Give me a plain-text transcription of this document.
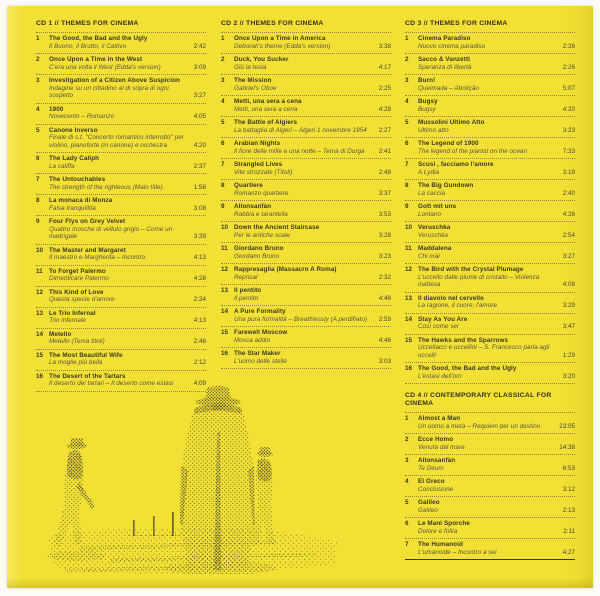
CD 1 // THEMES FOR CINEMA
1	The Good, the Bad and the Ugly
Il Buono, il Brutto, il Cattivo	2:42
2	Once Upon a Time in the West
C'era una volta il West (Edda's version)	3:09
3	Investigation of a Citizen Above Suspicion
Indagine su un cittadino al di sopra di ogni sospetto	3:27
4	1900
Novecento – Romanzo	4:05
5	Canone Inverso
Finale di s.t. "Concerto romantico interrotto" per violino, pianoforte (in canone) e orchestra	4:20
6	The Lady Caliph
La califfa	2:37
7	The Untouchables
The strength of the righteous (Main title)	1:58
8	La monaca di Monza
Falsa tranquillità	3:08
9	Four Flys on Grey Velvet
Quattro mosche di velluto grigio – Come un madrigale	3:39
10 The Master and Margaret
Il maestro e Margherita – Incontro	4:13
11	To Forget Palermo
Dimenticare Palermo	4:28
12 This Kind of Love
Questa specie d'amore	2:34
13 Le Trio Infernal
Trio infernale	4:13
14 Metello
Metello (Tema titoli)	2:46
15 The Most Beautiful Wife
La moglie più bella	2:12
16 The Desert of the Tartars
Il deserto dei tartari – Il deserto come estasi	4:09
CD 2 // THEMES FOR CINEMA
1	Once Upon a Time in America
Deborah's theme (Edda's version)	3:38
2	Duck, You Sucker
Giù la testa	4:17
3	The Mission
Gabriel's Oboe	2:25
4	Metti, una sera a cena
Metti, una sera a cena	4:28
5	The Battle of Algiers
La battaglia di Algeri – Algeri 1 novembre 1954	2:27
6	Arabian Nights
Il fiore delle mille e una notte – Tema di Durga	2:41
7	Strangled Lives
Vite strozzate (Titoli)	2:48
8	Quartiere
Romanzo quartiere	3:37
9	Allonsanfàn
Rabbia e tarantella	3:53
10 Down the Ancient Staircase
Per le antiche scale	3:28
11	Giordano Bruno
Giordano Bruno	3:23
12 Rappresaglia (Massacro A Roma)
Reprisal	2:32
13 Il pentito
Il pentito	4:48
14 A Pure Formality
Una pura formalità – Breathlessly (A perdifiato)	2:59
15 Farewell Moscow
Mosca addio	4:46
16 The Star Maker
L'uomo delle stelle	3:03
CD 3 // THEMES FOR CINEMA
1	Cinema Paradiso
Nuovo cinema paradiso	2:26
2	Sacco & Vanzetti
Speranza di libertà	2:26
3	Burn!
Queimada – Abolição	5:07
4	Bugsy
Bugsy	4:20
5	Mussolini Ultimo Atto
Ultimo atto	3:23
6	The Legend of 1900
The legend of the pianist on the ocean	7:33
7	Scusi , facciamo l'amore
A Lydia	3:19
8	The Big Gundown
La caccia	2:40
9	Gott mit uns
Lontano	4:26
10 Veruschka
Veruschka	2:54
11	Maddalena
Chi mai	3:27
12 The Bird with the Crystal Plumage
L'uccello dalle piume di cristallo – Violenza inattesa	4:08
13 Il diavolo nel cervello
La ragione, il cuore, l'amore	3:29
14 Stay As You Are
Così come sei	3:47
15 The Hawks and the Sparrows
Uccellacci e uccellini – S. Francesco parla agli uccelli	1:29
16 The Good, the Bad and the Ugly
L'estasi dell'oro	3:20
CD 4 // CONTEMPORARY CLASSICAL FOR CINEMA
1	Almost a Man
Un uomo a metà – Requiem per un destino	23:05
2	Ecce Homo
Venuta dal mare	14:38
3	Allonsanfàn
Te Deum	6:53
4	El Greco
Conclusione	3:12
5	Galileo
Galileo	2:13
6	Le Mani Sporche
Dolore e follia	2:11
7	The Humanoid
L'umanoide – Incontro a sei	4:27
